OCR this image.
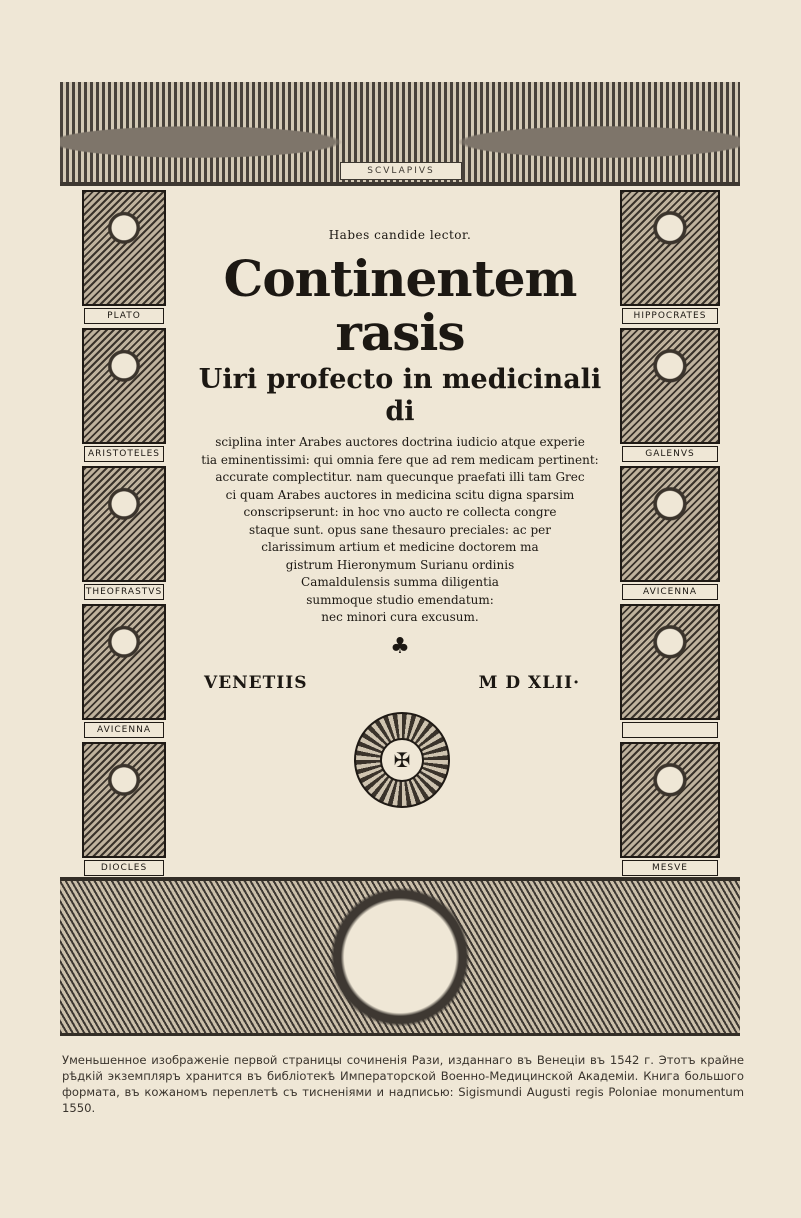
SCVLAPIVS
PLATO
ARISTOTELES
THEOFRASTVS
AVICENNA
DIOCLES
HIPPOCRATES
GALENVS
AVICENNA
MESVE
Habes candide lector.
Continentem rasis
Uiri profecto in medicinali di
sciplina inter Arabes auctores doctrina iudicio atque experie
tia eminentissimi: qui omnia fere que ad rem medicam pertinent:
accurate complectitur. nam quecunque praefati illi tam Grec
ci quam Arabes auctores in medicina scitu digna sparsim
conscripserunt: in hoc vno aucto re collecta congre
staque sunt. opus sane thesauro preciales: ac per
clarissimum artium et medicine doctorem ma
gistrum Hieronymum Surianu ordinis
Camaldulensis summa diligentia
summoque studio emendatum:
nec minori cura excusum.
♣
VENETIIS	M D XLII·
✠
Уменьшенное изображеніе первой страницы сочиненія Рази, изданнаго въ Венеціи въ 1542 г. Этотъ крайне рѣдкій экземпляръ хранится въ библіотекѣ Императорской Военно-Медицинской Академіи. Книга большого формата, въ кожаномъ переплетѣ съ тисненіями и надписью: Sigismundi Augusti regis Poloniae monumentum 1550.
